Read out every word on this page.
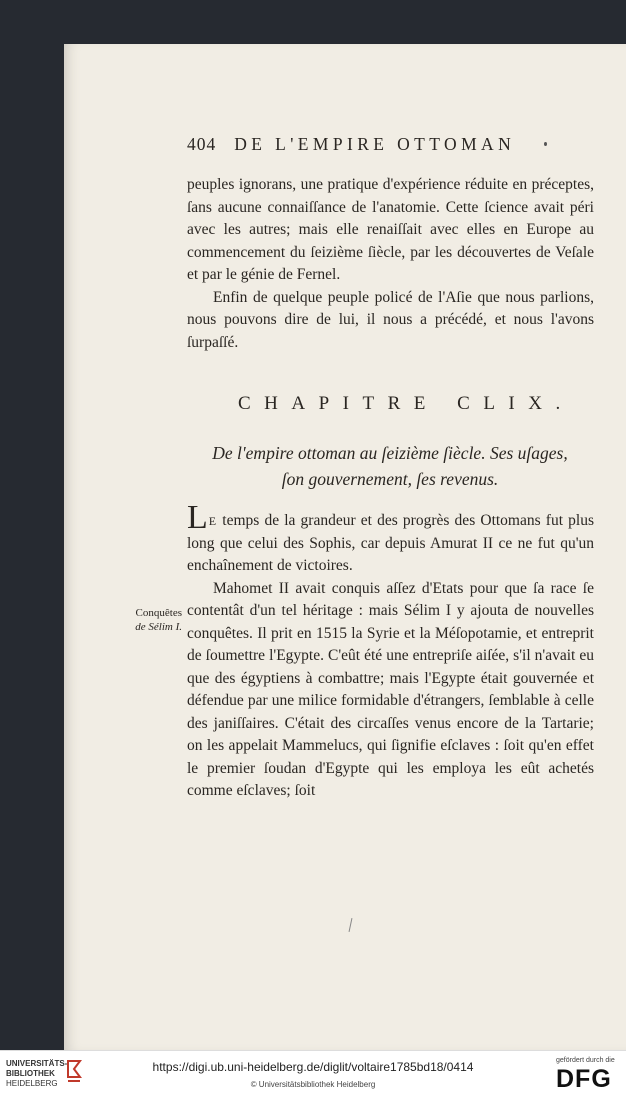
404 DE L'EMPIRE OTTOMAN

peuples ignorans, une pratique d'expérience réduite en préceptes, ſans aucune connaiſſance de l'anatomie. Cette ſcience avait péri avec les autres; mais elle renaiſſait avec elles en Europe au commencement du ſeizième ſiècle, par les découvertes de Veſale et par le génie de Fernel.

Enfin de quelque peuple policé de l'Aſie que nous parlions, nous pouvons dire de lui, il nous a précédé, et nous l'avons ſurpaſſé.

CHAPITRE CLIX.
De l'empire ottoman au ſeizième ſiècle. Ses uſages,
ſon gouvernement, ſes revenus.

LE temps de la grandeur et des progrès des Ottomans fut plus long que celui des Sophis, car depuis Amurat II ce ne fut qu'un enchaînement de victoires.

Mahomet II avait conquis aſſez d'Etats pour que ſa race ſe contentât d'un tel héritage : mais Sélim I y ajouta de nouvelles conquêtes. Il prit en 1515 la Syrie et la Méſopotamie, et entreprit de ſoumettre l'Egypte. C'eût été une entrepriſe aiſée, s'il n'avait eu que des égyptiens à combattre; mais l'Egypte était gouvernée et défendue par une milice formidable d'étrangers, ſemblable à celle des janiſſaires. C'était des circaſſes venus encore de la Tartarie; on les appelait Mammelucs, qui ſignifie eſclaves : ſoit qu'en effet le premier ſoudan d'Egypte qui les employa les eût achetés comme eſclaves; ſoit

Conquêtes
de Sélim I.
UNIVERSITÄTS-
BIBLIOTHEK
HEIDELBERG
https://digi.ub.uni-heidelberg.de/diglit/voltaire1785bd18/0414
© Universitätsbibliothek Heidelberg
gefördert durch die
DFG
